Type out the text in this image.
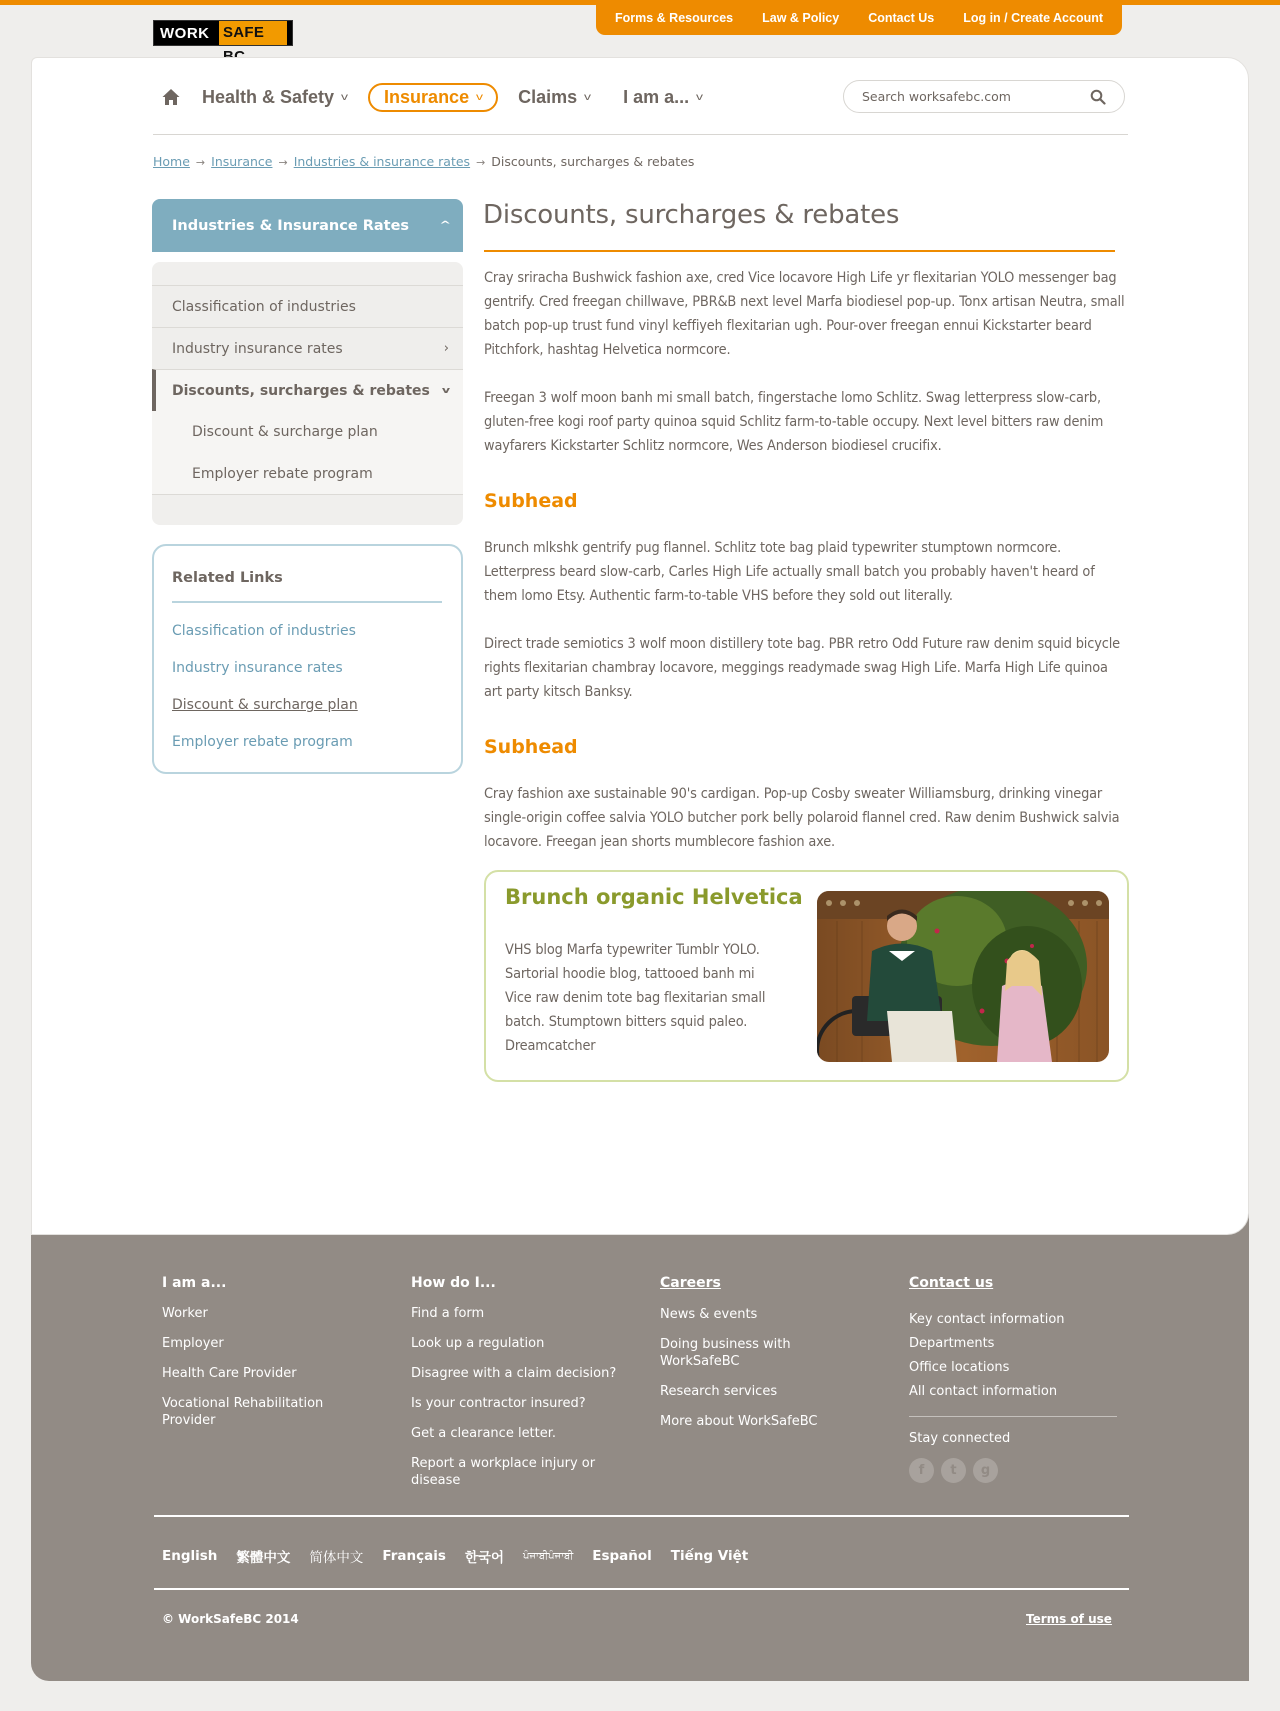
WORK SAFE
Forms & Resources Law & Policy Contact Us Log in / Create Account
Health & Safety v Insurance v Claims v I am a... v
Search worksafebc.com
Home → Insurance → Industries & insurance rates → Discounts, surcharges & rebates
Industries & Insurance Rates	^
Classification of industries
Industry insurance rates	›
Discounts, surcharges & rebates v
Discount & surcharge plan
Employer rebate program
Related Links
Classification of industries
Industry insurance rates
Discount & surcharge plan
Employer rebate program
Discounts, surcharges & rebates

Cray sriracha Bushwick fashion axe, cred Vice locavore High Life yr flexitarian YOLO messenger bag gentrify. Cred freegan chillwave, PBR&B next level Marfa biodiesel pop-up. Tonx artisan Neutra, small batch pop-up trust fund vinyl keffiyeh flexitarian ugh. Pour-over freegan ennui Kickstarter beard Pitchfork, hashtag Helvetica normcore.

Freegan 3 wolf moon banh mi small batch, fingerstache lomo Schlitz. Swag letterpress slow-carb, gluten-free kogi roof party quinoa squid Schlitz farm-to-table occupy. Next level bitters raw denim wayfarers Kickstarter Schlitz normcore, Wes Anderson biodiesel crucifix.

Subhead

Brunch mlkshk gentrify pug flannel. Schlitz tote bag plaid typewriter stumptown normcore. Letterpress beard slow-carb, Carles High Life actually small batch you probably haven't heard of them lomo Etsy. Authentic farm-to-table VHS before they sold out literally.

Direct trade semiotics 3 wolf moon distillery tote bag. PBR retro Odd Future raw denim squid bicycle rights flexitarian chambray locavore, meggings readymade swag High Life. Marfa High Life quinoa art party kitsch Banksy.

Subhead

Cray fashion axe sustainable 90's cardigan. Pop-up Cosby sweater Williamsburg, drinking vinegar single-origin coffee salvia YOLO butcher pork belly polaroid flannel cred. Raw denim Bushwick salvia locavore. Freegan jean shorts mumblecore fashion axe.

Brunch organic Helvetica

VHS blog Marfa typewriter Tumblr YOLO. Sartorial hoodie blog, tattooed banh mi Vice raw denim tote bag flexitarian small batch. Stumptown bitters squid paleo. Dreamcatcher

I am a...
Worker
Employer
Health Care Provider
Vocational Rehabilitation Provider
How do I...
Find a form
Look up a regulation
Disagree with a claim decision?
Is your contractor insured?
Get a clearance letter.
Report a workplace injury or disease
Careers
News & events
Doing business with WorkSafeBC
Research services
More about WorkSafeBC
Contact us
Key contact information
Departments
Office locations
All contact information
Stay connected
f	t	g
English 繁體中文 简体中文 Français 한국어 ਪੰਜਾਬੀਪੰਜਾਬੀ Español Tiếng Việt
© WorkSafeBC 2014	Terms of use
